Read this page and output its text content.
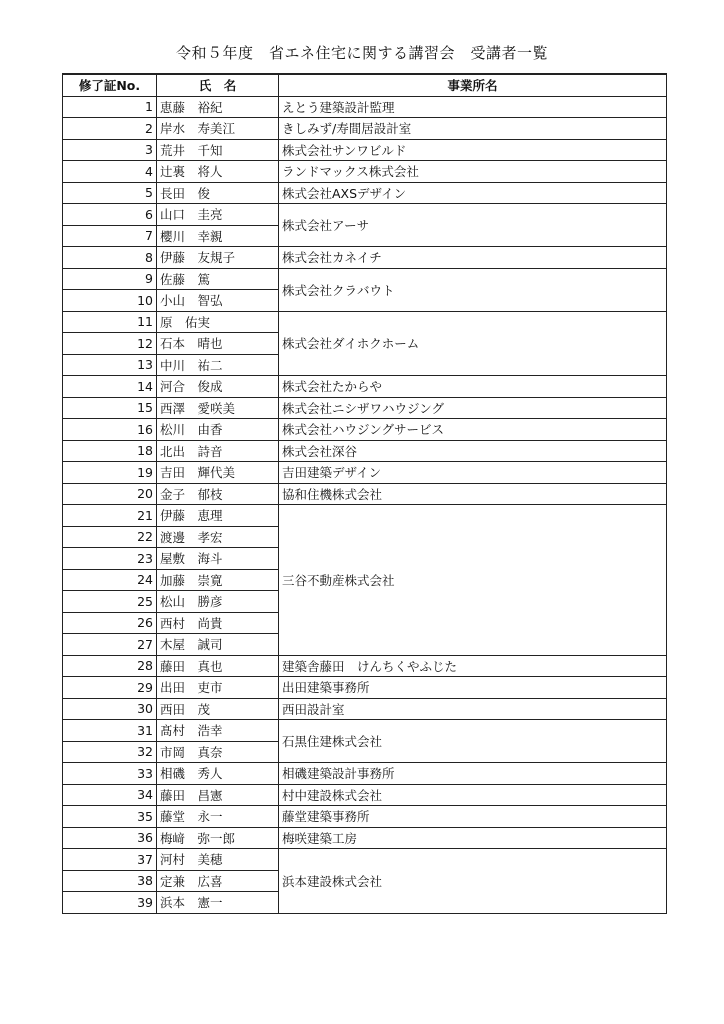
令和５年度　省エネ住宅に関する講習会　受講者一覧
修了証No.	氏　名	事業所名
1	恵藤　裕紀	えとう建築設計監理
2	岸水　寿美江	きしみず/寿間居設計室
3	荒井　千知	株式会社サンワビルド
4	辻裏　将人	ランドマックス株式会社
5	長田　俊	株式会社AXSデザイン
6	山口　圭亮	株式会社アーサ
7	櫻川　幸親	
8	伊藤　友規子	株式会社カネイチ
9	佐藤　篤	株式会社クラバウト
10	小山　智弘	
11	原　佑実	株式会社ダイホクホーム
12	石本　晴也	
13	中川　祐二	
14	河合　俊成	株式会社たからや
15	西澤　愛咲美	株式会社ニシザワハウジング
16	松川　由香	株式会社ハウジングサービス
18	北出　詩音	株式会社深谷
19	吉田　輝代美	吉田建築デザイン
20	金子　郁枝	協和住機株式会社
21	伊藤　恵理	三谷不動産株式会社
22	渡邊　孝宏	
23	屋敷　海斗	
24	加藤　崇寛	
25	松山　勝彦	
26	西村　尚貴	
27	木屋　誠司	
28	藤田　真也	建築舎藤田　けんちくやふじた
29	出田　吏市	出田建築事務所
30	西田　茂	西田設計室
31	髙村　浩幸	石黒住建株式会社
32	市岡　真奈	
33	相磯　秀人	相磯建築設計事務所
34	藤田　昌憲	村中建設株式会社
35	藤堂　永一	藤堂建築事務所
36	梅﨑　弥一郎	梅咲建築工房
37	河村　美穂	浜本建設株式会社
38	定兼　広喜	
39	浜本　憲一	
